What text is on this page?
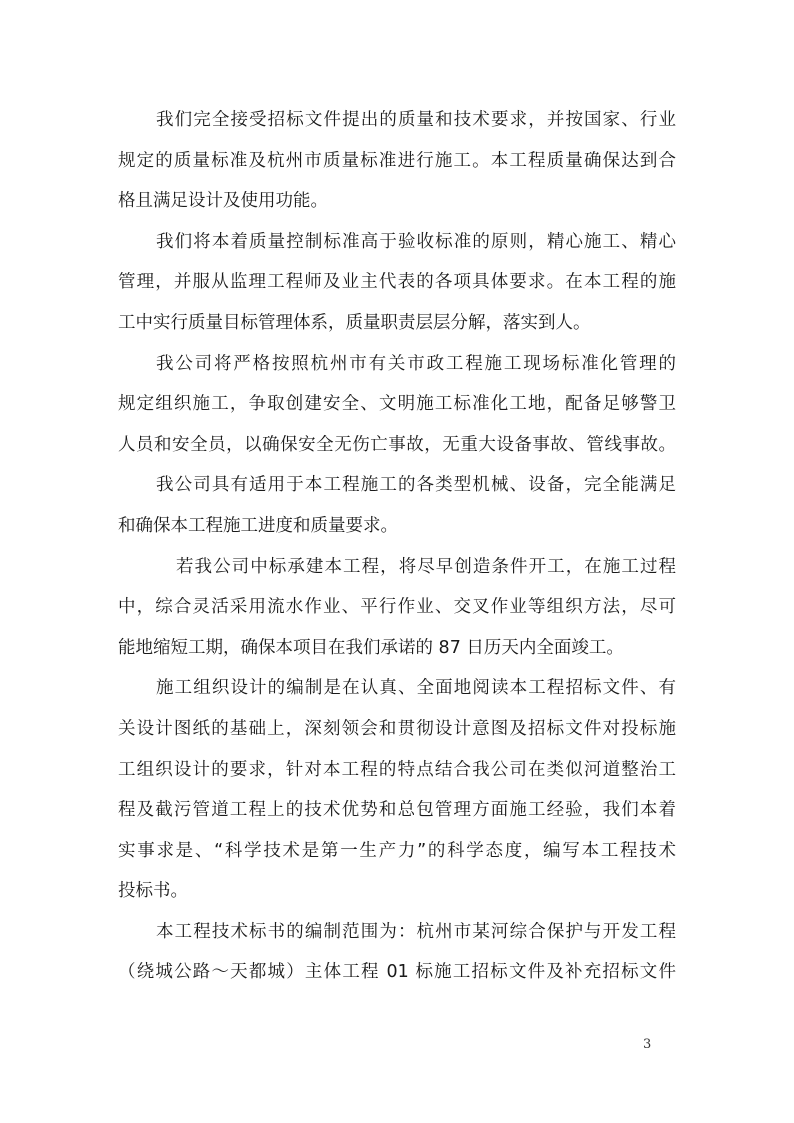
我们完全接受招标文件提出的质量和技术要求，并按国家、行业
规定的质量标准及杭州市质量标准进行施工。本工程质量确保达到合
格且满足设计及使用功能。
我们将本着质量控制标准高于验收标准的原则，精心施工、精心
管理，并服从监理工程师及业主代表的各项具体要求。在本工程的施
工中实行质量目标管理体系，质量职责层层分解，落实到人。
我公司将严格按照杭州市有关市政工程施工现场标准化管理的
规定组织施工，争取创建安全、文明施工标准化工地，配备足够警卫
人员和安全员，以确保安全无伤亡事故，无重大设备事故、管线事故。
我公司具有适用于本工程施工的各类型机械、设备，完全能满足
和确保本工程施工进度和质量要求。
若我公司中标承建本工程，将尽早创造条件开工，在施工过程
中，综合灵活采用流水作业、平行作业、交叉作业等组织方法，尽可
能地缩短工期，确保本项目在我们承诺的 87 日历天内全面竣工。
施工组织设计的编制是在认真、全面地阅读本工程招标文件、有
关设计图纸的基础上，深刻领会和贯彻设计意图及招标文件对投标施
工组织设计的要求，针对本工程的特点结合我公司在类似河道整治工
程及截污管道工程上的技术优势和总包管理方面施工经验，我们本着
实事求是、“科学技术是第一生产力”的科学态度，编写本工程技术
投标书。
本工程技术标书的编制范围为：杭州市某河综合保护与开发工程
（绕城公路～天都城）主体工程 01 标施工招标文件及补充招标文件
3
